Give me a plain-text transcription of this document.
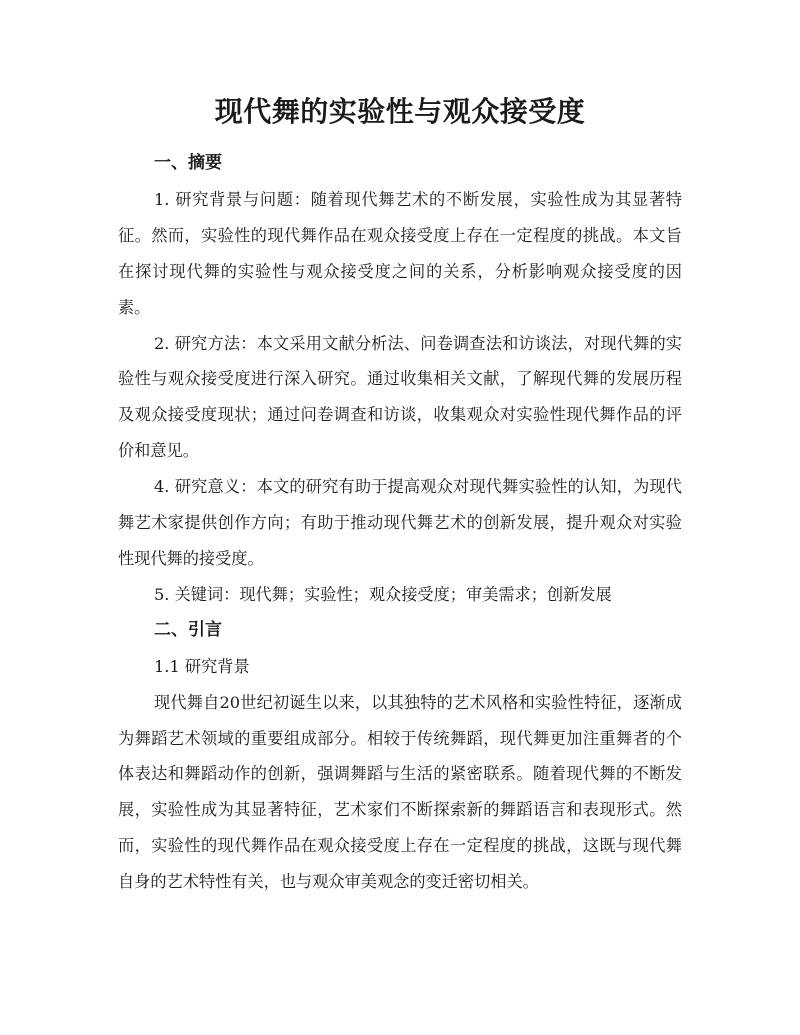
现代舞的实验性与观众接受度

一、摘要

1. 研究背景与问题：随着现代舞艺术的不断发展，实验性成为其显著特征。然而，实验性的现代舞作品在观众接受度上存在一定程度的挑战。本文旨在探讨现代舞的实验性与观众接受度之间的关系，分析影响观众接受度的因素。

2. 研究方法：本文采用文献分析法、问卷调查法和访谈法，对现代舞的实验性与观众接受度进行深入研究。通过收集相关文献，了解现代舞的发展历程及观众接受度现状；通过问卷调查和访谈，收集观众对实验性现代舞作品的评价和意见。

4. 研究意义：本文的研究有助于提高观众对现代舞实验性的认知，为现代舞艺术家提供创作方向；有助于推动现代舞艺术的创新发展，提升观众对实验性现代舞的接受度。

5. 关键词：现代舞；实验性；观众接受度；审美需求；创新发展

二、引言

1.1 研究背景

现代舞自20世纪初诞生以来，以其独特的艺术风格和实验性特征，逐渐成为舞蹈艺术领域的重要组成部分。相较于传统舞蹈，现代舞更加注重舞者的个体表达和舞蹈动作的创新，强调舞蹈与生活的紧密联系。随着现代舞的不断发展，实验性成为其显著特征，艺术家们不断探索新的舞蹈语言和表现形式。然而，实验性的现代舞作品在观众接受度上存在一定程度的挑战，这既与现代舞自身的艺术特性有关，也与观众审美观念的变迁密切相关。
